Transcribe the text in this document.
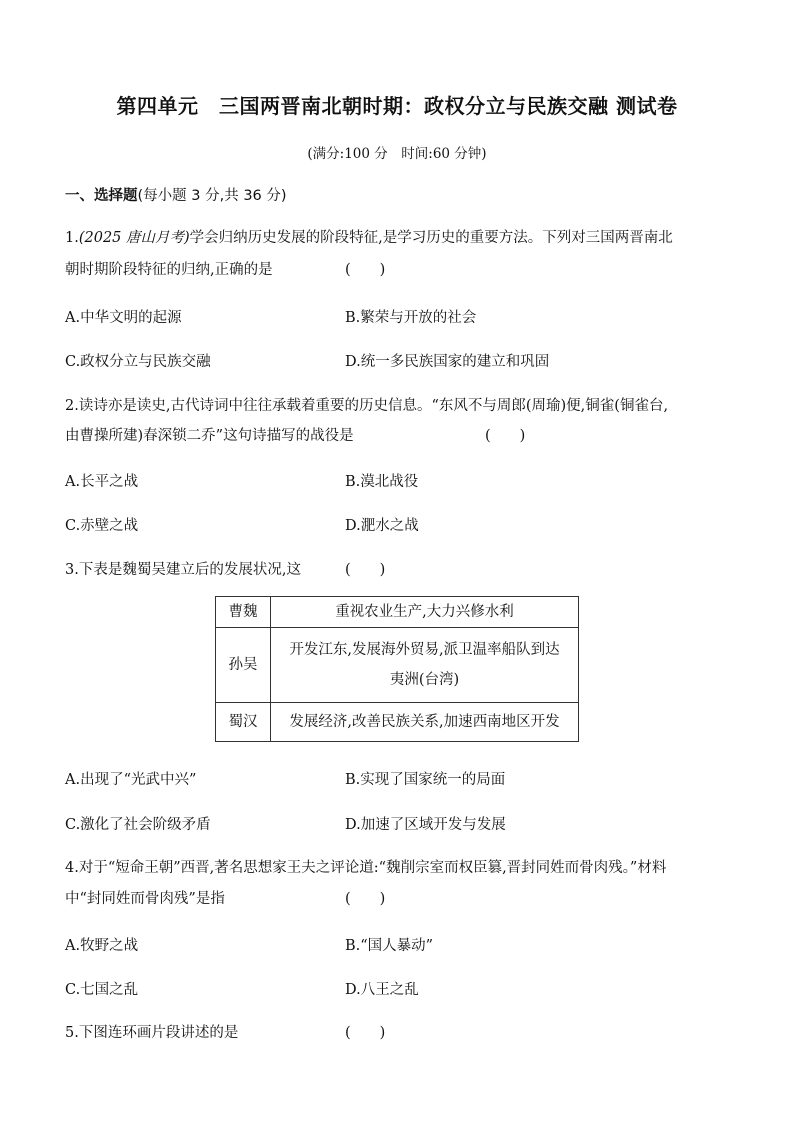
第四单元　三国两晋南北朝时期：政权分立与民族交融 测试卷
(满分:100 分　时间:60 分钟)
一、选择题(每小题 3 分,共 36 分)
1.(2025 唐山月考)学会归纳历史发展的阶段特征,是学习历史的重要方法。下列对三国两晋南北
朝时期阶段特征的归纳,正确的是	(　　)
A.中华文明的起源	B.繁荣与开放的社会
C.政权分立与民族交融	D.统一多民族国家的建立和巩固
2.读诗亦是读史,古代诗词中往往承载着重要的历史信息。“东风不与周郎(周瑜)便,铜雀(铜雀台,
由曹操所建)春深锁二乔”这句诗描写的战役是	(　　)
A.长平之战	B.漠北战役
C.赤壁之战	D.淝水之战
3.下表是魏蜀吴建立后的发展状况,这	(　　)
曹魏	重视农业生产,大力兴修水利
孙吴	开发江东,发展海外贸易,派卫温率船队到达
夷洲(台湾)

蜀汉	发展经济,改善民族关系,加速西南地区开发
A.出现了“光武中兴”	B.实现了国家统一的局面
C.激化了社会阶级矛盾	D.加速了区域开发与发展
4.对于“短命王朝”西晋,著名思想家王夫之评论道:“魏削宗室而权臣篡,晋封同姓而骨肉残。”材料
中“封同姓而骨肉残”是指	(　　)
A.牧野之战	B.“国人暴动”
C.七国之乱	D.八王之乱
5.下图连环画片段讲述的是	(　　)
